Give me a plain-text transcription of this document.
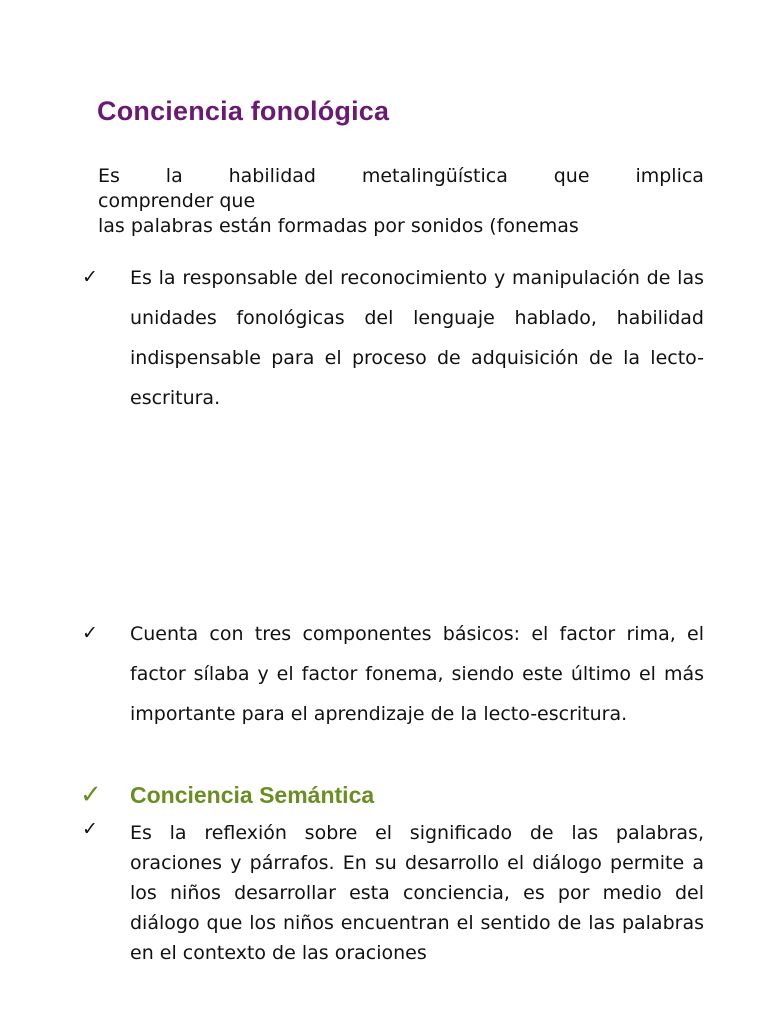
Conciencia fonológica
Es la habilidad metalingüística que implica
comprender que
las palabras están formadas por sonidos (fonemas
✓	Es la responsable del reconocimiento y manipulación de las unidades fonológicas del lenguaje hablado, habilidad indispensable para el proceso de adquisición de la lecto-escritura.
✓	Cuenta con tres componentes básicos: el factor rima, el factor sílaba y el factor fonema, siendo este último el más importante para el aprendizaje de la lecto-escritura.
✓ Conciencia Semántica
✓	Es la reflexión sobre el significado de las palabras, oraciones y párrafos. En su desarrollo el diálogo permite a los niños desarrollar esta conciencia, es por medio del diálogo que los niños encuentran el sentido de las palabras en el contexto de las oraciones
